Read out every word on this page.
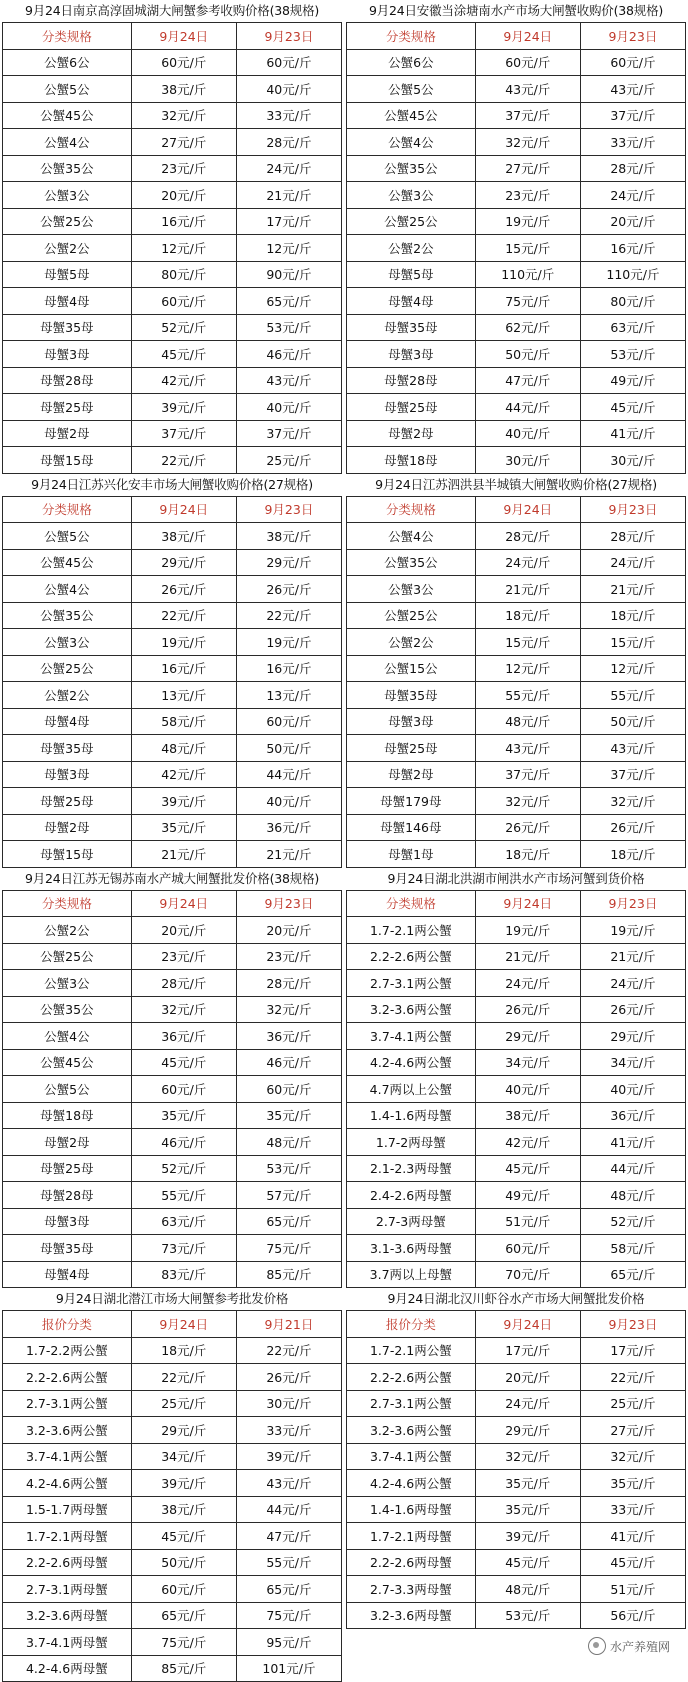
9月24日南京高淳固城湖大闸蟹参考收购价格(38规格)
分类规格	9月24日	9月23日
公蟹6公	60元/斤	60元/斤
公蟹5公	38元/斤	40元/斤
公蟹45公	32元/斤	33元/斤
公蟹4公	27元/斤	28元/斤
公蟹35公	23元/斤	24元/斤
公蟹3公	20元/斤	21元/斤
公蟹25公	16元/斤	17元/斤
公蟹2公	12元/斤	12元/斤
母蟹5母	80元/斤	90元/斤
母蟹4母	60元/斤	65元/斤
母蟹35母	52元/斤	53元/斤
母蟹3母	45元/斤	46元/斤
母蟹28母	42元/斤	43元/斤
母蟹25母	39元/斤	40元/斤
母蟹2母	37元/斤	37元/斤
母蟹15母	22元/斤	25元/斤
9月24日江苏兴化安丰市场大闸蟹收购价格(27规格)
分类规格	9月24日	9月23日
公蟹5公	38元/斤	38元/斤
公蟹45公	29元/斤	29元/斤
公蟹4公	26元/斤	26元/斤
公蟹35公	22元/斤	22元/斤
公蟹3公	19元/斤	19元/斤
公蟹25公	16元/斤	16元/斤
公蟹2公	13元/斤	13元/斤
母蟹4母	58元/斤	60元/斤
母蟹35母	48元/斤	50元/斤
母蟹3母	42元/斤	44元/斤
母蟹25母	39元/斤	40元/斤
母蟹2母	35元/斤	36元/斤
母蟹15母	21元/斤	21元/斤
9月24日江苏无锡苏南水产城大闸蟹批发价格(38规格)
分类规格	9月24日	9月23日
公蟹2公	20元/斤	20元/斤
公蟹25公	23元/斤	23元/斤
公蟹3公	28元/斤	28元/斤
公蟹35公	32元/斤	32元/斤
公蟹4公	36元/斤	36元/斤
公蟹45公	45元/斤	46元/斤
公蟹5公	60元/斤	60元/斤
母蟹18母	35元/斤	35元/斤
母蟹2母	46元/斤	48元/斤
母蟹25母	52元/斤	53元/斤
母蟹28母	55元/斤	57元/斤
母蟹3母	63元/斤	65元/斤
母蟹35母	73元/斤	75元/斤
母蟹4母	83元/斤	85元/斤
9月24日湖北潜江市场大闸蟹参考批发价格
报价分类	9月24日	9月21日
1.7-2.2两公蟹	18元/斤	22元/斤
2.2-2.6两公蟹	22元/斤	26元/斤
2.7-3.1两公蟹	25元/斤	30元/斤
3.2-3.6两公蟹	29元/斤	33元/斤
3.7-4.1两公蟹	34元/斤	39元/斤
4.2-4.6两公蟹	39元/斤	43元/斤
1.5-1.7两母蟹	38元/斤	44元/斤
1.7-2.1两母蟹	45元/斤	47元/斤
2.2-2.6两母蟹	50元/斤	55元/斤
2.7-3.1两母蟹	60元/斤	65元/斤
3.2-3.6两母蟹	65元/斤	75元/斤
3.7-4.1两母蟹	75元/斤	95元/斤
4.2-4.6两母蟹	85元/斤	101元/斤
9月24日安徽当涂塘南水产市场大闸蟹收购价(38规格)
分类规格	9月24日	9月23日
公蟹6公	60元/斤	60元/斤
公蟹5公	43元/斤	43元/斤
公蟹45公	37元/斤	37元/斤
公蟹4公	32元/斤	33元/斤
公蟹35公	27元/斤	28元/斤
公蟹3公	23元/斤	24元/斤
公蟹25公	19元/斤	20元/斤
公蟹2公	15元/斤	16元/斤
母蟹5母	110元/斤	110元/斤
母蟹4母	75元/斤	80元/斤
母蟹35母	62元/斤	63元/斤
母蟹3母	50元/斤	53元/斤
母蟹28母	47元/斤	49元/斤
母蟹25母	44元/斤	45元/斤
母蟹2母	40元/斤	41元/斤
母蟹18母	30元/斤	30元/斤
9月24日江苏泗洪县半城镇大闸蟹收购价格(27规格)
分类规格	9月24日	9月23日
公蟹4公	28元/斤	28元/斤
公蟹35公	24元/斤	24元/斤
公蟹3公	21元/斤	21元/斤
公蟹25公	18元/斤	18元/斤
公蟹2公	15元/斤	15元/斤
公蟹15公	12元/斤	12元/斤
母蟹35母	55元/斤	55元/斤
母蟹3母	48元/斤	50元/斤
母蟹25母	43元/斤	43元/斤
母蟹2母	37元/斤	37元/斤
母蟹179母	32元/斤	32元/斤
母蟹146母	26元/斤	26元/斤
母蟹1母	18元/斤	18元/斤
9月24日湖北洪湖市闸洪水产市场河蟹到货价格
分类规格	9月24日	9月23日
1.7-2.1两公蟹	19元/斤	19元/斤
2.2-2.6两公蟹	21元/斤	21元/斤
2.7-3.1两公蟹	24元/斤	24元/斤
3.2-3.6两公蟹	26元/斤	26元/斤
3.7-4.1两公蟹	29元/斤	29元/斤
4.2-4.6两公蟹	34元/斤	34元/斤
4.7两以上公蟹	40元/斤	40元/斤
1.4-1.6两母蟹	38元/斤	36元/斤
1.7-2两母蟹	42元/斤	41元/斤
2.1-2.3两母蟹	45元/斤	44元/斤
2.4-2.6两母蟹	49元/斤	48元/斤
2.7-3两母蟹	51元/斤	52元/斤
3.1-3.6两母蟹	60元/斤	58元/斤
3.7两以上母蟹	70元/斤	65元/斤
9月24日湖北汉川虾谷水产市场大闸蟹批发价格
报价分类	9月24日	9月23日
1.7-2.1两公蟹	17元/斤	17元/斤
2.2-2.6两公蟹	20元/斤	22元/斤
2.7-3.1两公蟹	24元/斤	25元/斤
3.2-3.6两公蟹	29元/斤	27元/斤
3.7-4.1两公蟹	32元/斤	32元/斤
4.2-4.6两公蟹	35元/斤	35元/斤
1.4-1.6两母蟹	35元/斤	33元/斤
1.7-2.1两母蟹	39元/斤	41元/斤
2.2-2.6两母蟹	45元/斤	45元/斤
2.7-3.3两母蟹	48元/斤	51元/斤
3.2-3.6两母蟹	53元/斤	56元/斤
水产养殖网
